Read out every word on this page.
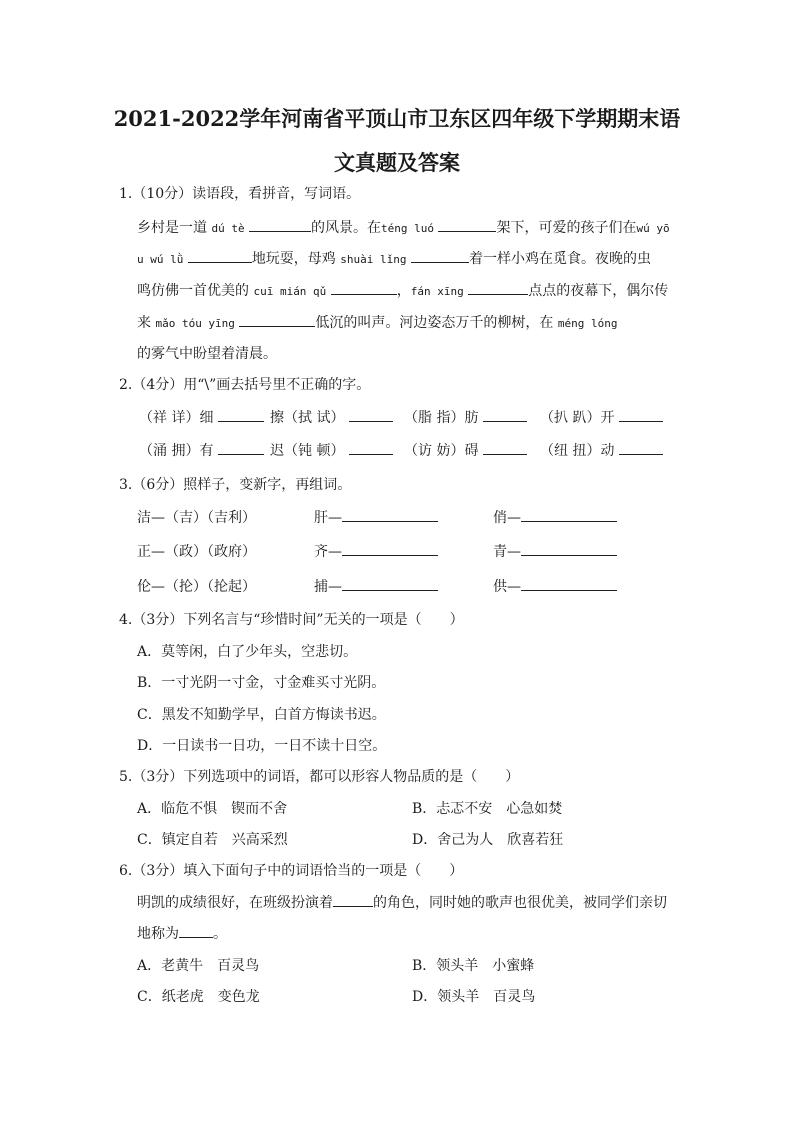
2021-2022学年河南省平顶山市卫东区四年级下学期期末语
文真题及答案
1.（10分）读语段，看拼音，写词语。
乡村是一道 dú tè	的风景。在téng luó	架下，可爱的孩子们在wú yō
u wú lǜ	地玩耍，母鸡 shuài lǐng	着一样小鸡在觅食。夜晚的虫
鸣仿佛一首优美的 cuī mián qǔ	，fán xīng	点点的夜幕下，偶尔传
来 mǎo tóu yīng	低沉的叫声。河边姿态万千的柳树，在 méng lóng
的雾气中盼望着清晨。
2.（4分）用“\”画去括号里不正确的字。
（祥 详）细	擦（拭 试）	（脂 指）肪	（扒 趴）开
（涌 拥）有	迟（钝 顿）	（访 妨）碍	（纽 扭）动
3.（6分）照样子，变新字，再组词。
洁—（吉）（吉利）	肝—	俏—
正—（政）（政府）	齐—	青—
伦—（抡）（抡起）	捕—	供—
4.（3分）下列名言与“珍惜时间”无关的一项是（　　）
A．莫等闲，白了少年头，空悲切。
B．一寸光阴一寸金，寸金难买寸光阴。
C．黑发不知勤学早，白首方悔读书迟。
D．一日读书一日功，一日不读十日空。
5.（3分）下列选项中的词语，都可以形容人物品质的是（　　）
A．临危不惧　锲而不舍	B．忐忑不安　心急如焚
C．镇定自若　兴高采烈	D．舍己为人　欣喜若狂
6.（3分）填入下面句子中的词语恰当的一项是（　　）
明凯的成绩很好，在班级扮演着	的角色，同时她的歌声也很优美，被同学们亲切
地称为 。
A．老黄牛　百灵鸟	B．领头羊　小蜜蜂
C．纸老虎　变色龙	D．领头羊　百灵鸟
